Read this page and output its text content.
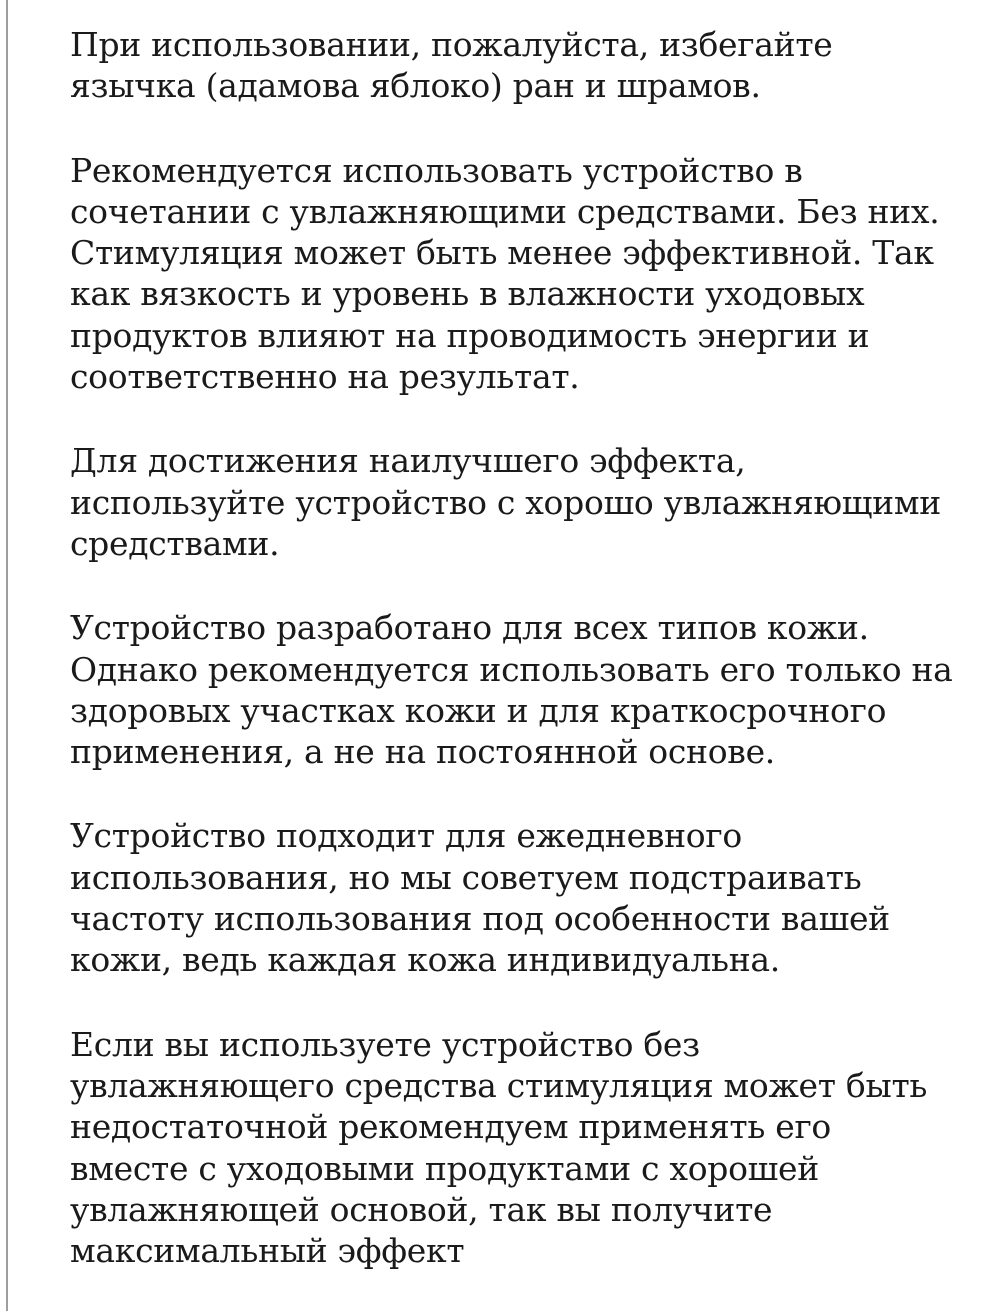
При использовании, пожалуйста, избегайте
язычка (адамова яблоко) ран и шрамов.

Рекомендуется использовать устройство в
сочетании с увлажняющими средствами. Без них.
Стимуляция может быть менее эффективной. Так
как вязкость и уровень в влажности уходовых
продуктов влияют на проводимость энергии и
соответственно на результат.

Для достижения наилучшего эффекта,
используйте устройство с хорошо увлажняющими
средствами.

Устройство разработано для всех типов кожи.
Однако рекомендуется использовать его только на
здоровых участках кожи и для краткосрочного
применения, а не на постоянной основе.

Устройство подходит для ежедневного
использования, но мы советуем подстраивать
частоту использования под особенности вашей
кожи, ведь каждая кожа индивидуальна.

Если вы используете устройство без
увлажняющего средства стимуляция может быть
недостаточной рекомендуем применять его
вместе с уходовыми продуктами с хорошей
увлажняющей основой, так вы получите
максимальный эффект
